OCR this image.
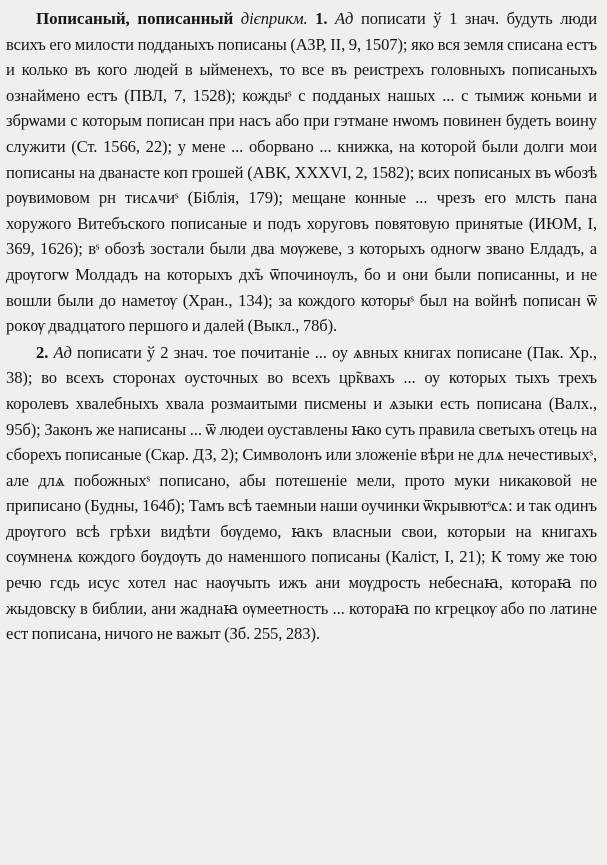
Пописаный, пописанный дієприкм. 1. Ад пописати ў 1 знач. будуть люди всихъ его милости подданыхъ пописаны (АЗР, II, 9, 1507); яко вся земля списана естъ и колько въ кого людей в ыйменехъ, то все въ реистрехъ головныхъ пописаныхъ ознаймено естъ (ПВЛ, 7, 1528); кождыˢ с подданых нашых ... с тымиж коньми и збрѡами с которым пописан при насъ або при гэтмане нѡомъ повинен будеть воину служити (Ст. 1566, 22); у мене ... оборвано ... книжка, на которой были долги мои пописаны на дванасте коп грошей (АВК, XXXVI, 2, 1582); всих пописаных въ ѡбозѣ рѹвимовом рн тисѧчиˢ (Біблія, 179); мещане конные ... чрезъ его млсть пана хоружого Витебъского пописаные и подъ хоруговъ повятовую принятые (ИЮМ, I, 369, 1626); вˢ обозѣ зостали были два мѹжеве, з которыхъ одногѡ звано Елдадъ, а дрѹгогѡ Молдадъ на которыхъ дх̃ъ ѿпочинѹлъ, бо и они были пописанны, и не вошли были до наметѹ (Хран., 134); за кождого которыˢ был на войнѣ пописан ѿ рокѹ двадцатого першого и далей (Выкл., 78б).

2. Ад пописати ў 2 знач. тое почитаніе ... оу ѧвных книгах пописане (Пак. Хр., 38); во всехъ сторонах оусточных во всехъ цр̃квахъ ... оу которых тыхъ трехъ королевъ хвалебныхъ хвала розмаитыми писмены и ѧзыки есть пописана (Валх., 95б); Законъ же написаны ... ѿ людеи оуставлены ꙗко суть правила светыхъ отець на сборехъ пописаные (Скар. ДЗ, 2); Символонъ или зложеніе вѣри не длѧ нечестивыхˢ, але длѧ побожныхˢ пописано, абы потешеніе мели, прото муки никаковой не приписано (Будны, 164б); Тамъ всѣ таемныи наши оучинки ѿкрывютˢсѧ: и так одинъ дрѹгого всѣ грѣхи видѣти бѹдемо, ꙗкъ власныи свои, которыи на книгахъ сѹмненѧ кождого бѹдѹть до наменшого пописаны (Каліст, I, 21); К тому же тою речю гсдь исус хотел нас наѹчыть ижъ ани мѹдрость небеснаꙗ, котораꙗ по жыдовску в библии, ани жаднаꙗ ѹмеетность ... котораꙗ по кгрецкѹ або по латине ест пописана, ничого не важыт (Зб. 255, 283).
